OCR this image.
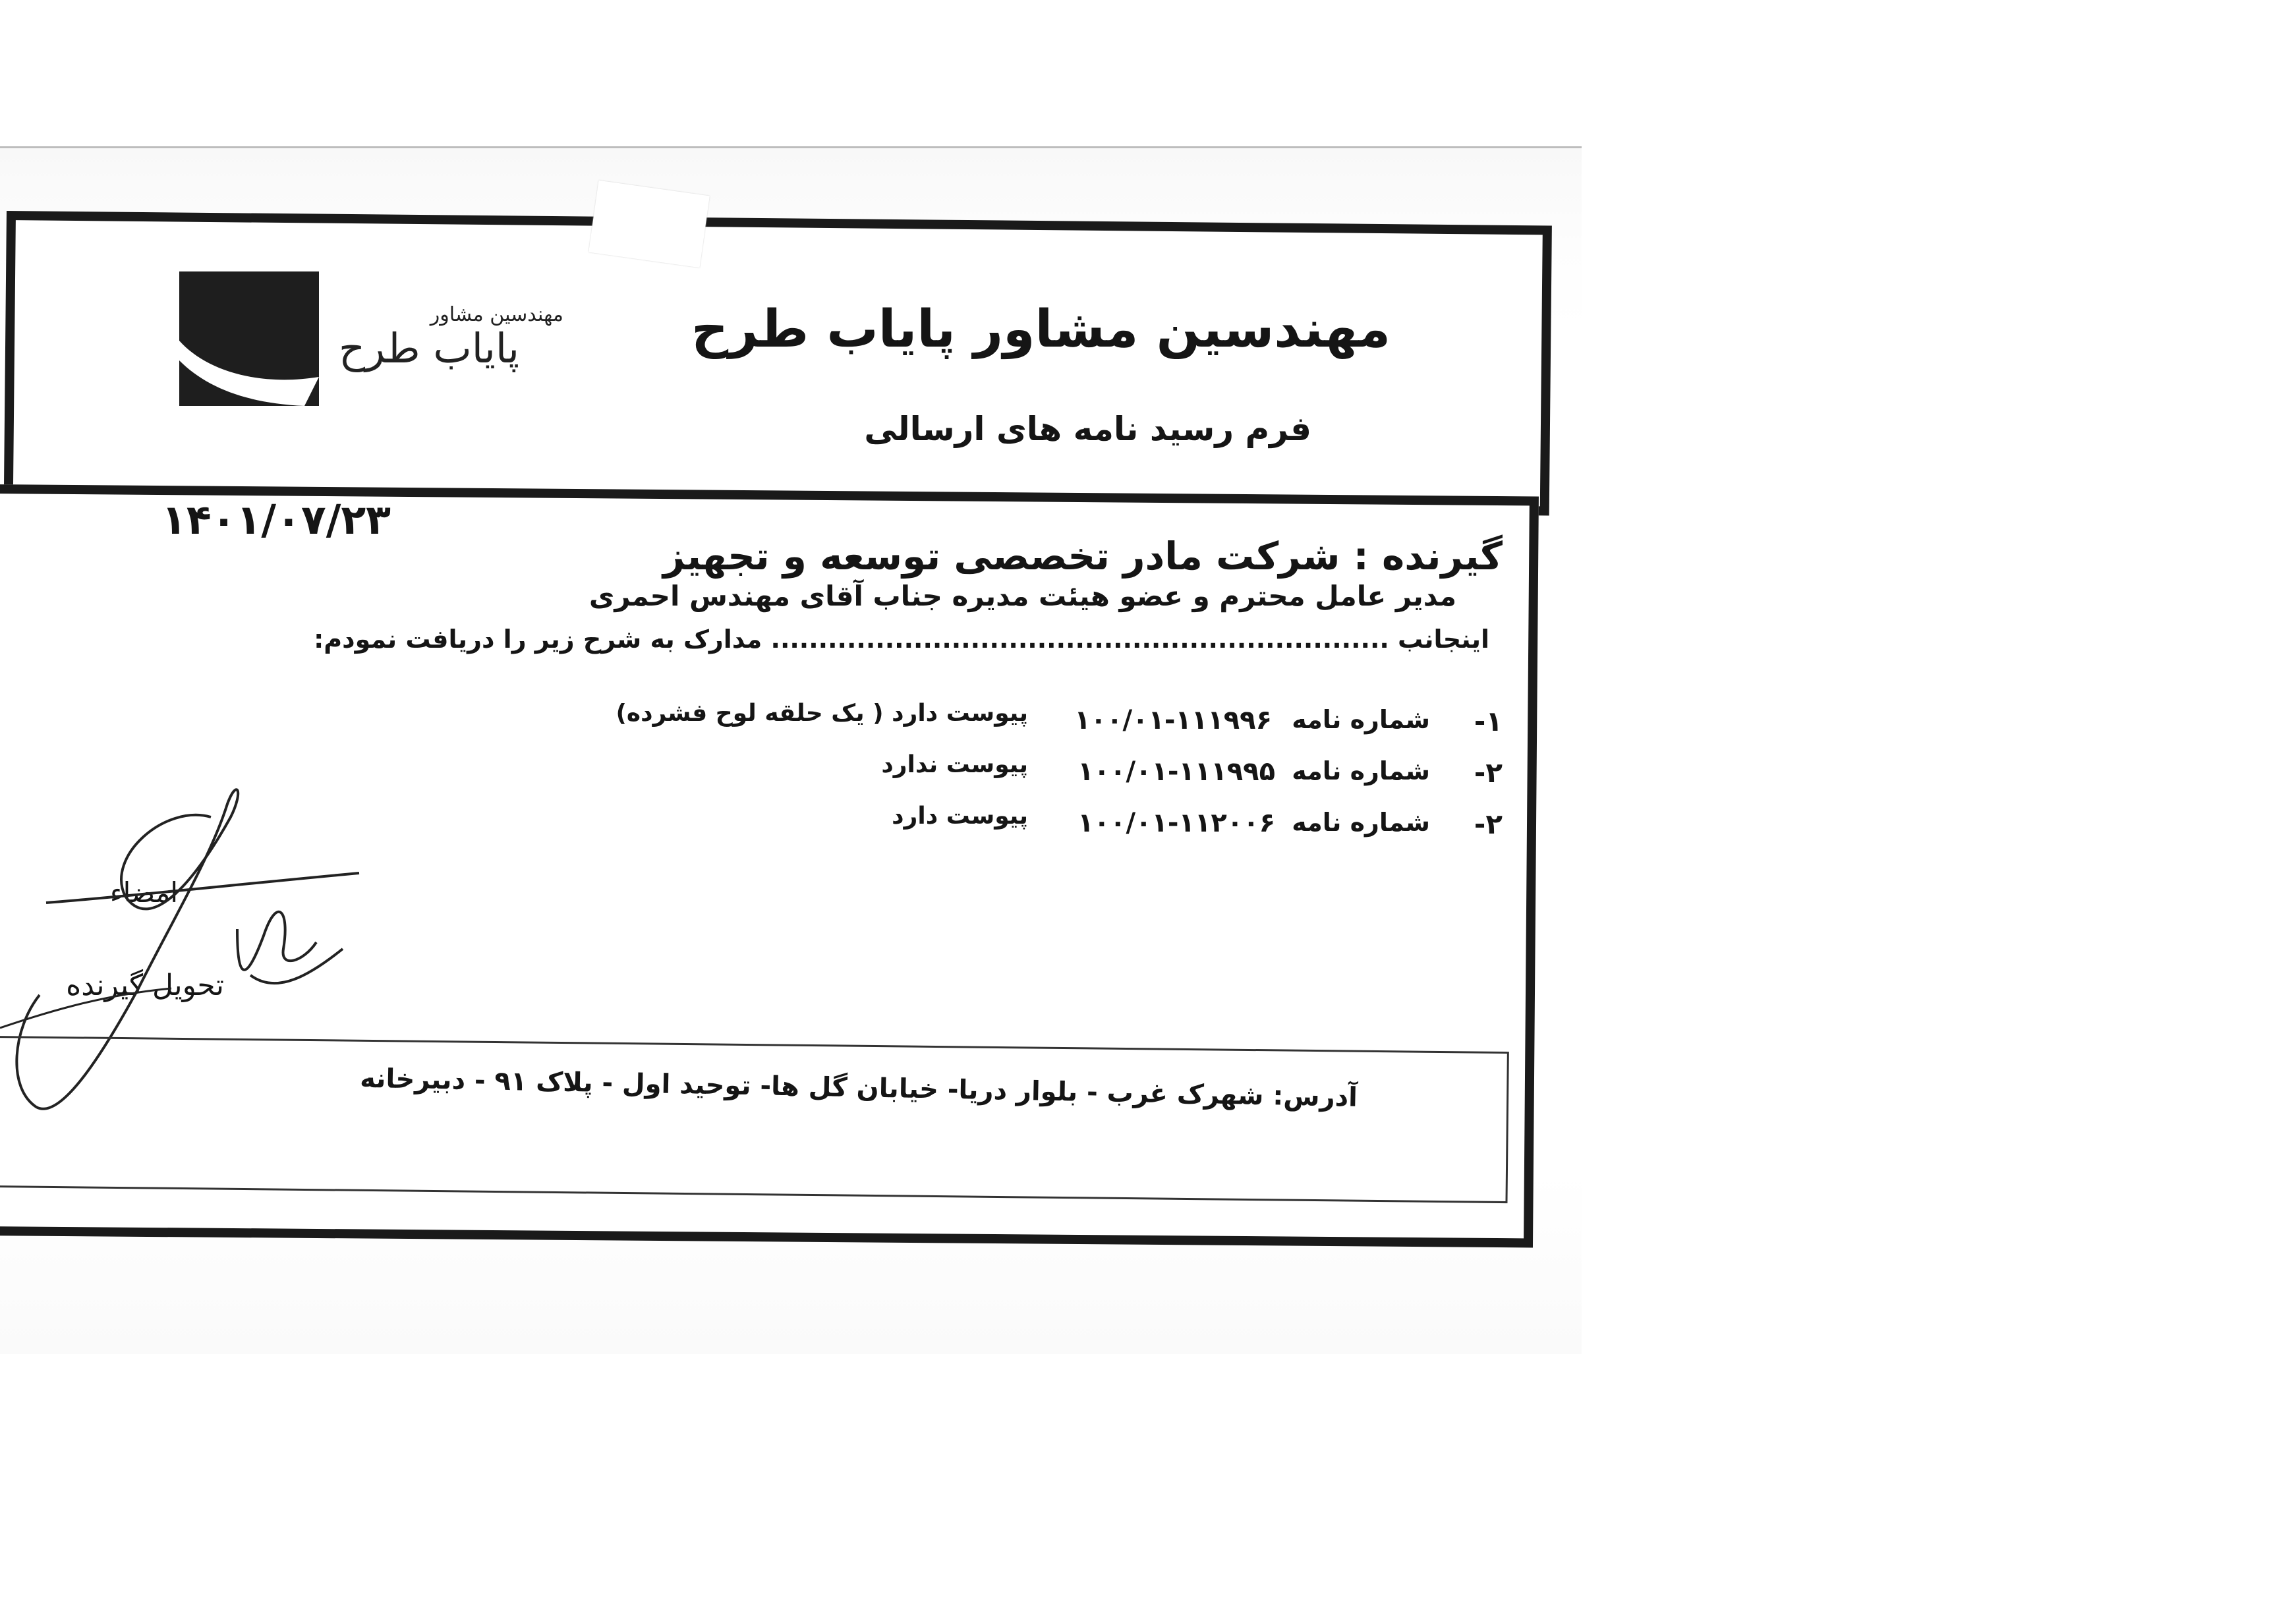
مهندسین مشاور پایاب طرح
فرم رسید نامه های ارسالی
مهندسین مشاور
پایاب طرح
۱۴۰۱/۰۷/۲۳
گیرنده : شرکت مادر تخصصی توسعه و تجهیز
مدیر عامل محترم و عضو هیئت مدیره جناب آقای مهندس احمری
اینجانب ................................................................. مدارک به شرح زیر را دریافت نمودم:
۱-
شماره نامه
۱۰۰/۰۱-۱۱۱۹۹۶
پیوست دارد ( یک حلقه لوح فشرده)
۲-
شماره نامه
۱۰۰/۰۱-۱۱۱۹۹۵
پیوست ندارد
۲-
شماره نامه
۱۰۰/۰۱-۱۱۲۰۰۶
پیوست دارد
امضاء
تحویل گیرنده
آدرس: شهرک غرب - بلوار دریا- خیابان گل ها- توحید اول - پلاک ۹۱ - دبیرخانه
